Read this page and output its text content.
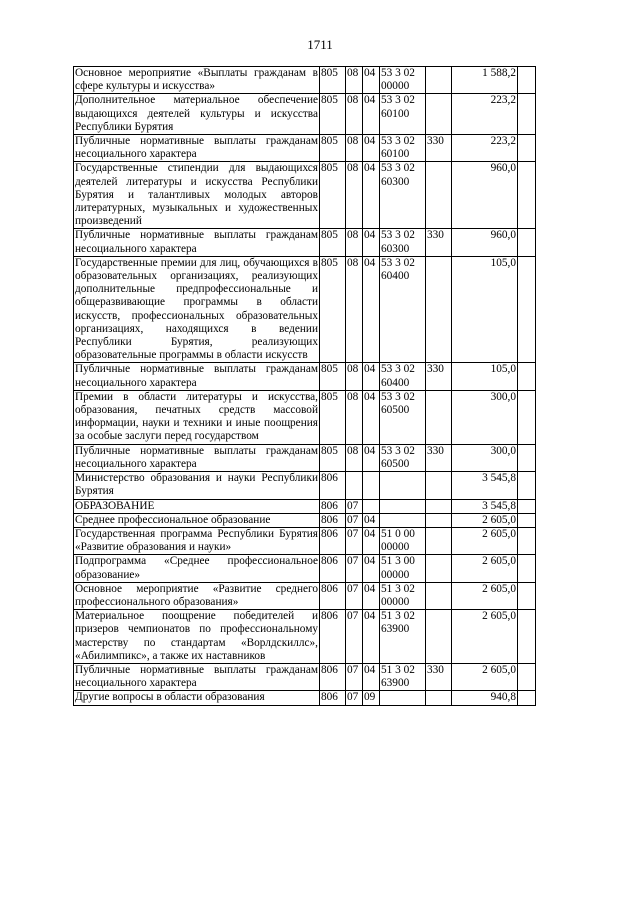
1711
Основное мероприятие «Выплаты гражданам в сфере культуры и искусства»	805	08	04	53 3 02 00000		1 588,2	
Дополнительное материальное обеспечение выдающихся деятелей культуры и искусства Республики Бурятия	805	08	04	53 3 02 60100		223,2	
Публичные нормативные выплаты гражданам несоциального характера	805	08	04	53 3 02 60100	330	223,2	
Государственные стипендии для выдающихся деятелей литературы и искусства Республики Бурятия и талантливых молодых авторов литературных, музыкальных и художественных произведений	805	08	04	53 3 02 60300		960,0	
Публичные нормативные выплаты гражданам несоциального характера	805	08	04	53 3 02 60300	330	960,0	
Государственные премии для лиц, обучающихся в образовательных организациях, реализующих дополнительные предпрофессиональные и общеразвивающие программы в области искусств, профессиональных образовательных организациях, находящихся в ведении Республики Бурятия, реализующих образовательные программы в области искусств	805	08	04	53 3 02 60400		105,0	
Публичные нормативные выплаты гражданам несоциального характера	805	08	04	53 3 02 60400	330	105,0	
Премии в области литературы и искусства, образования, печатных средств массовой информации, науки и техники и иные поощрения за особые заслуги перед государством	805	08	04	53 3 02 60500		300,0	
Публичные нормативные выплаты гражданам несоциального характера	805	08	04	53 3 02 60500	330	300,0	
Министерство образования и науки Республики Бурятия	806					3 545,8	
ОБРАЗОВАНИЕ	806	07				3 545,8	
Среднее профессиональное образование	806	07	04			2 605,0	
Государственная программа Республики Бурятия «Развитие образования и науки»	806	07	04	51 0 00 00000		2 605,0	
Подпрограмма «Среднее профессиональное образование»	806	07	04	51 3 00 00000		2 605,0	
Основное мероприятие «Развитие среднего профессионального образования»	806	07	04	51 3 02 00000		2 605,0	
Материальное поощрение победителей и призеров чемпионатов по профессиональному мастерству по стандартам «Ворлдскиллс», «Абилимпикс», а также их наставников	806	07	04	51 3 02 63900		2 605,0	
Публичные нормативные выплаты гражданам несоциального характера	806	07	04	51 3 02 63900	330	2 605,0	
Другие вопросы в области образования	806	07	09			940,8	
